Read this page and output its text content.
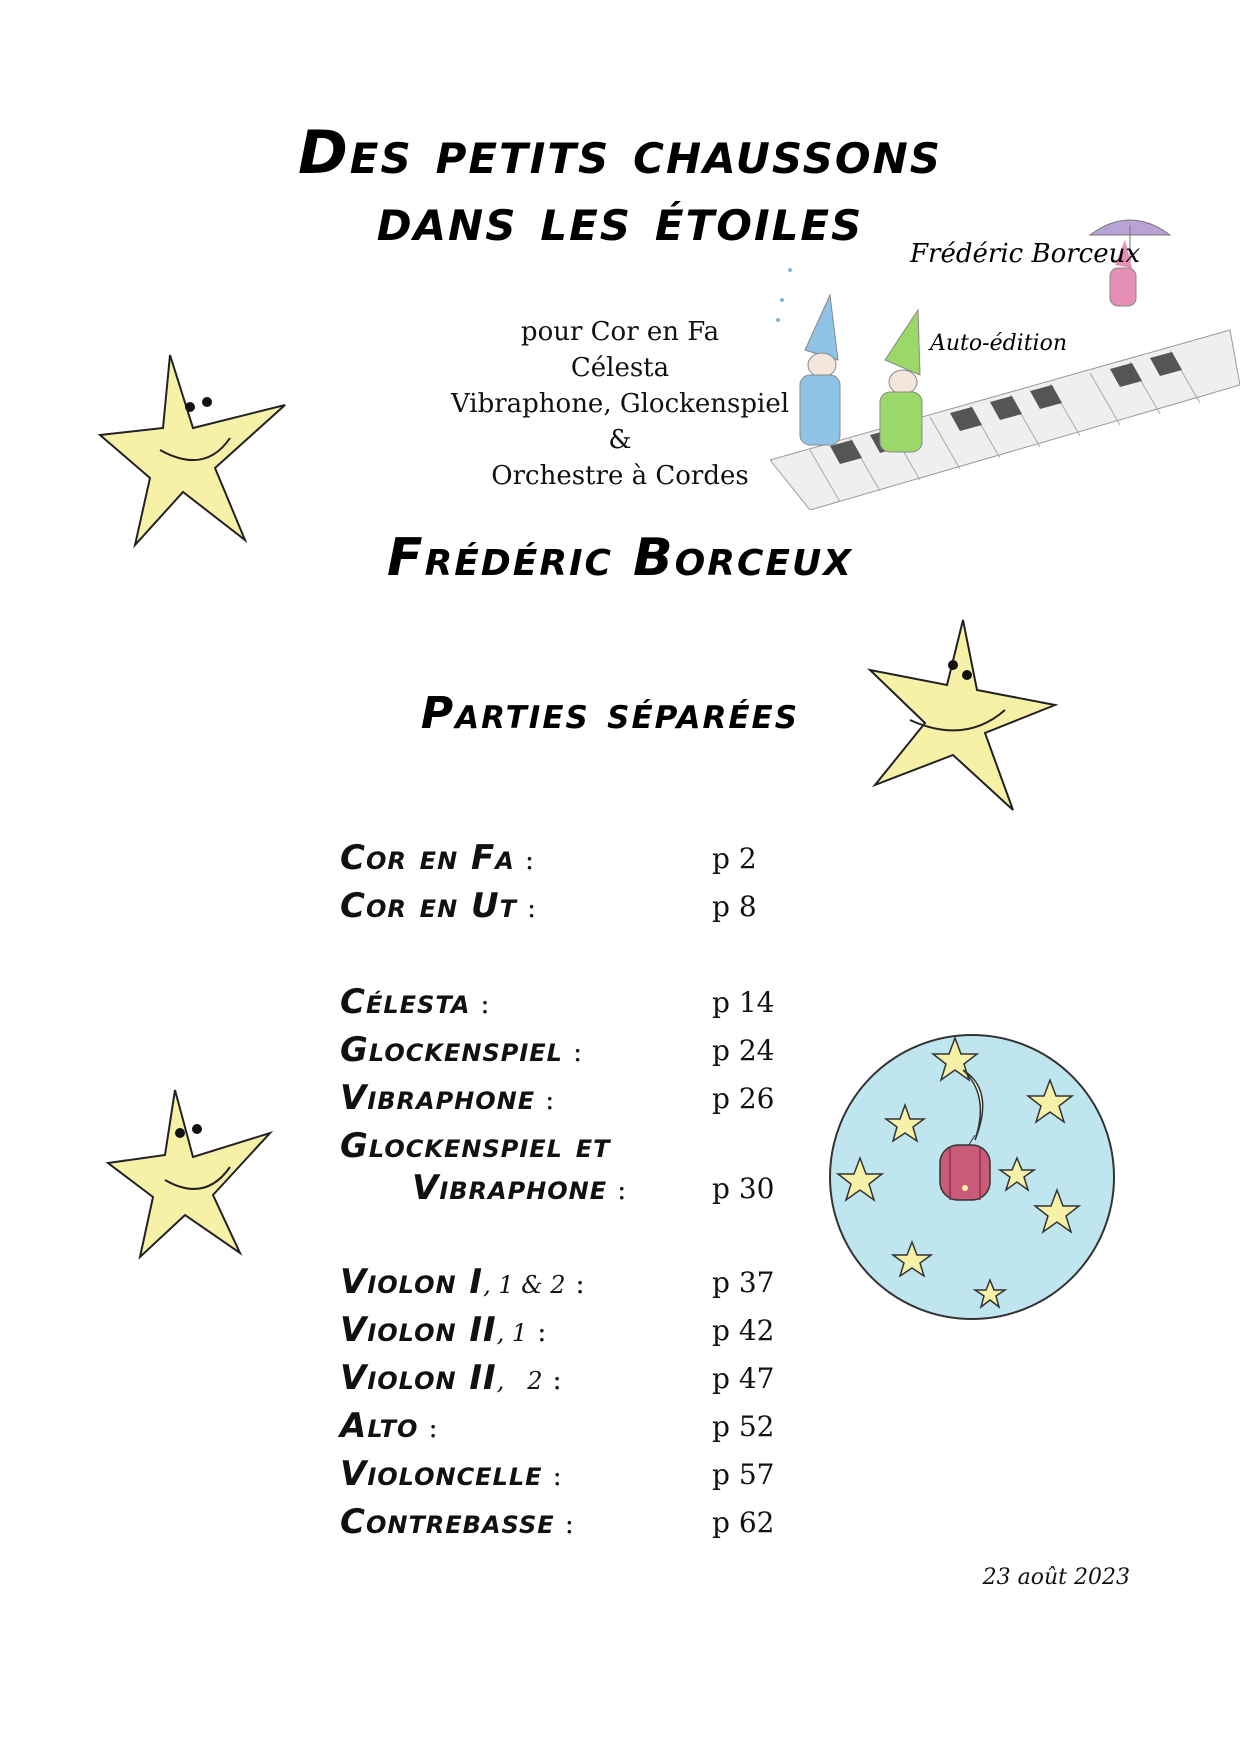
Des petits chaussons
dans les étoiles	Frédéric Borceux
Auto-édition
pour Cor en Fa
Célesta
Vibraphone, Glockenspiel
&
Orchestre à Cordes
Frédéric Borceux
Parties séparées
Cor en Fa :	p 2
Cor en Ut :	p 8
Célesta :	p 14
Glockenspiel :	p 24
Vibraphone :	p 26
Glockenspiel et
Vibraphone :	p 30
Violon I, 1 & 2 :	p 37
Violon II, 1 :	p 42
Violon II,   2 :	p 47
Alto :	p 52
Violoncelle :	p 57
Contrebasse :	p 62
23 août 2023
